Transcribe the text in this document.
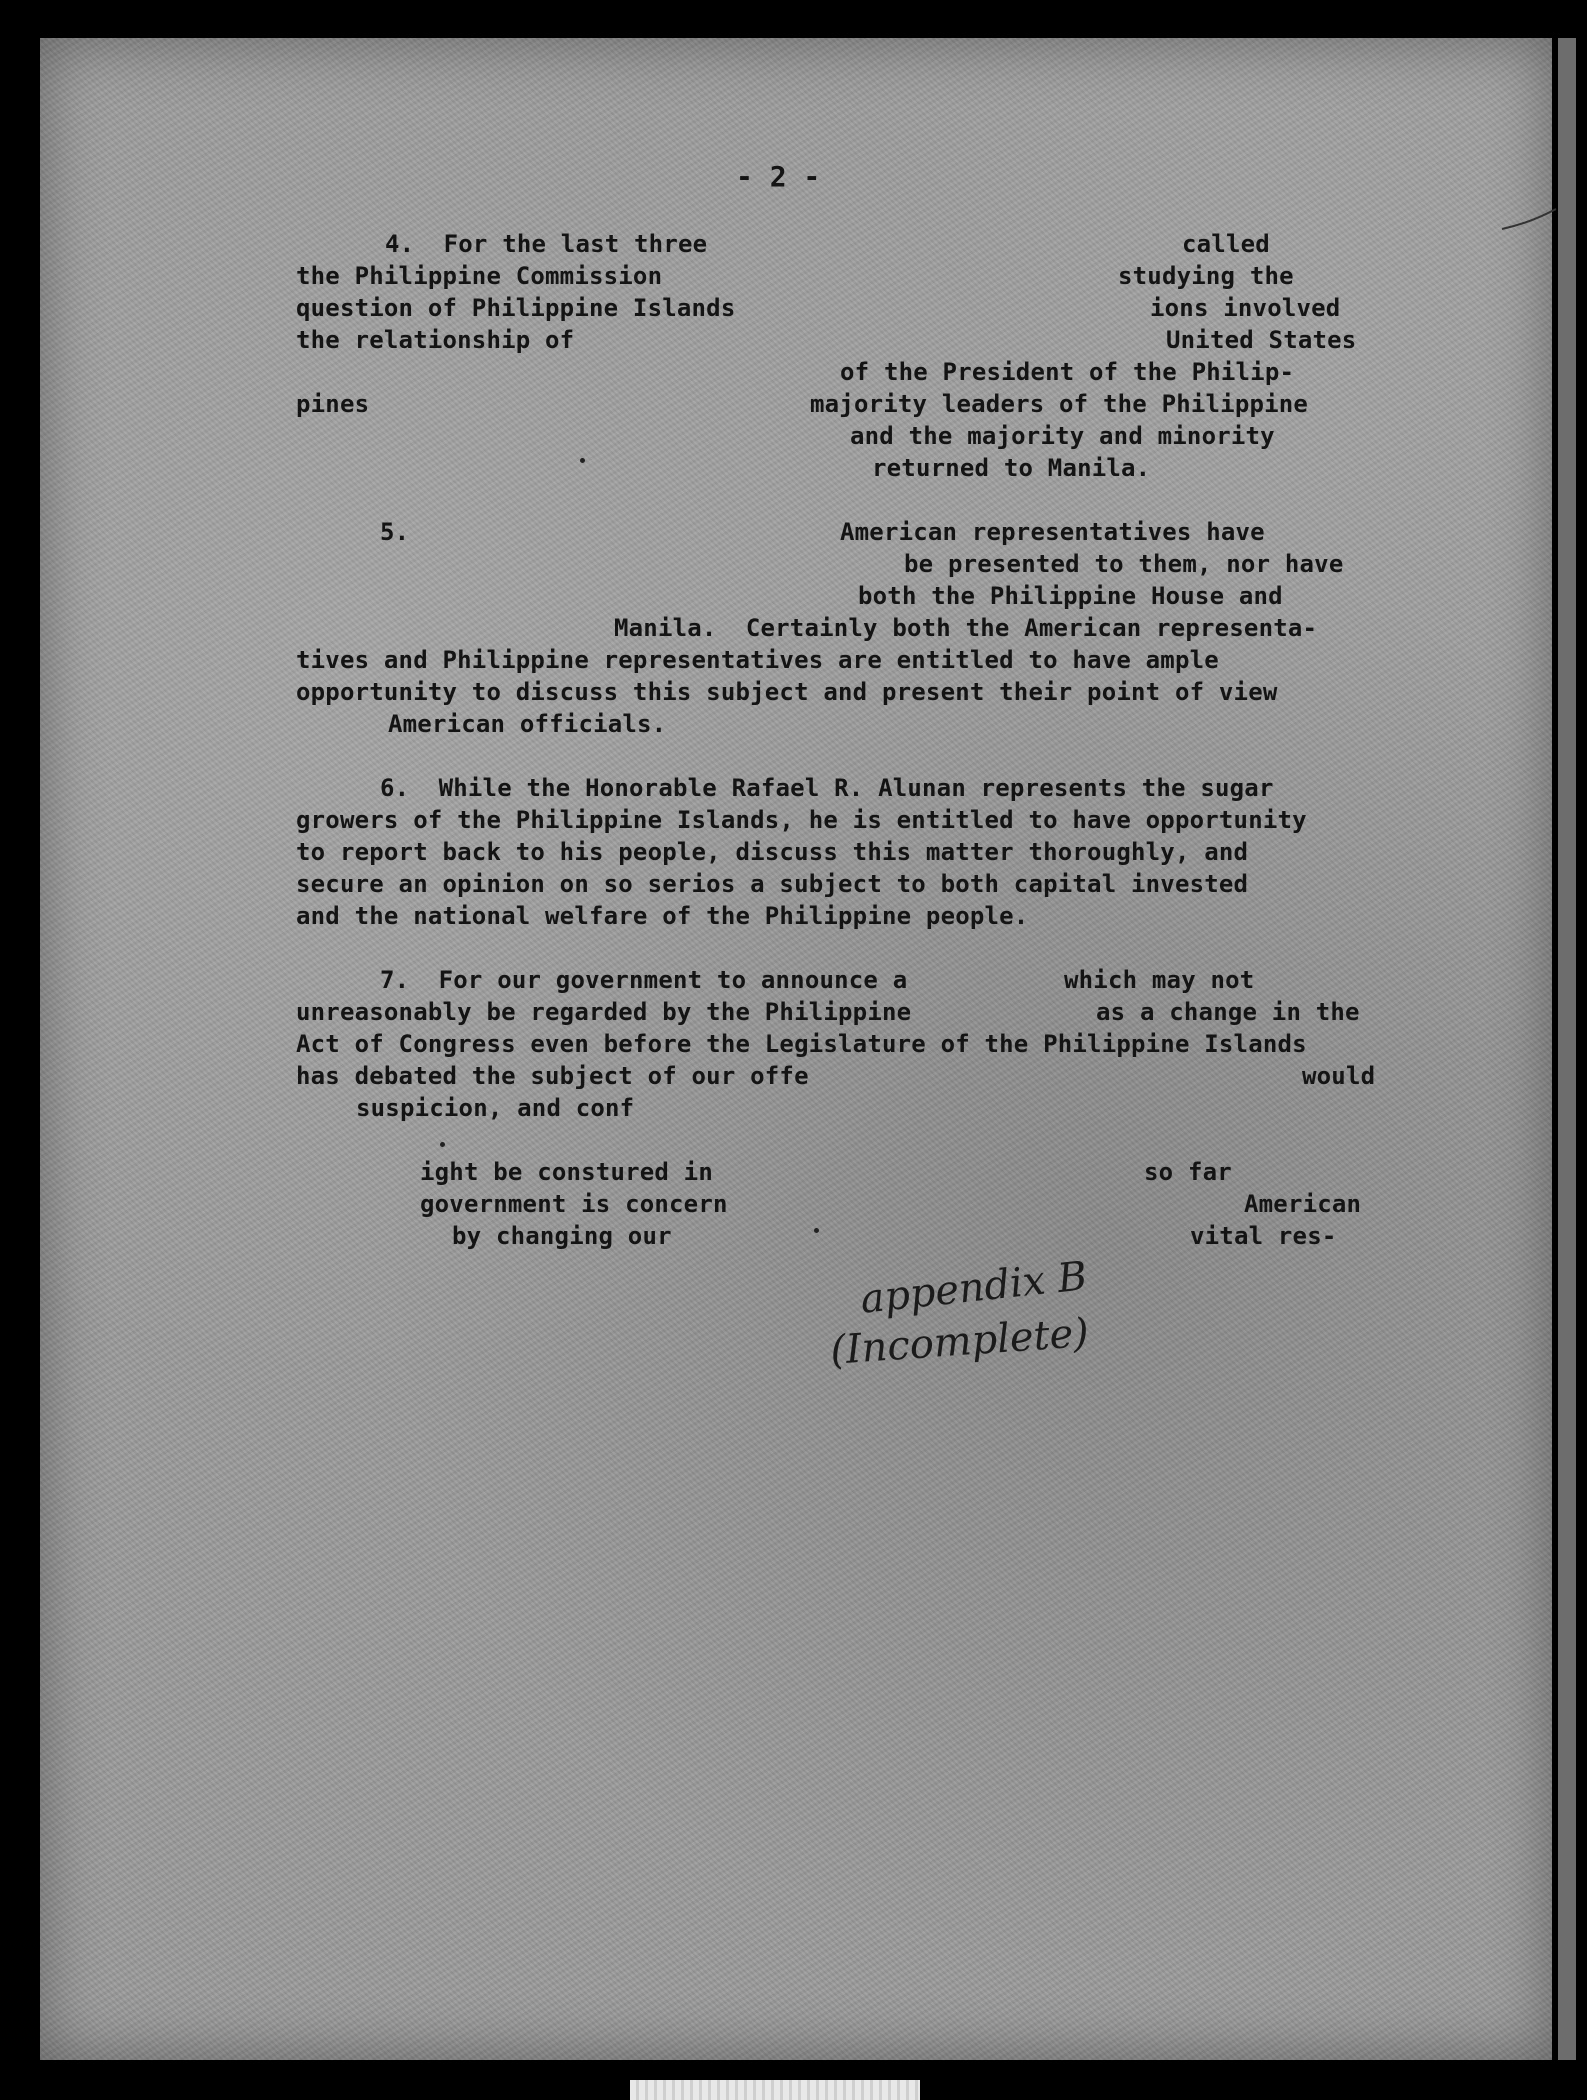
- 2 -
4.  For the last three	called
the Philippine Commission	studying the
question of Philippine Islands	ions involved
the relationship of	United States
of the President of the Philip-
pines	majority leaders of the Philippine
and the majority and minority
returned to Manila.
5.	American representatives have
be presented to them, nor have
both the Philippine House and
Manila.  Certainly both the American representa-
tives and Philippine representatives are entitled to have ample
opportunity to discuss this subject and present their point of view
American officials.
6.  While the Honorable Rafael R. Alunan represents the sugar
growers of the Philippine Islands, he is entitled to have opportunity
to report back to his people, discuss this matter thoroughly, and
secure an opinion on so serios a subject to both capital invested
and the national welfare of the Philippine people.
7.  For our government to announce a	which may not
unreasonably be regarded by the Philippine	as a change in the
Act of Congress even before the Legislature of the Philippine Islands
has debated the subject of our offe	would
suspicion, and conf
ight be constured in	so far
government is concern	American
by changing our	vital res-
appendix B
(Incomplete)
